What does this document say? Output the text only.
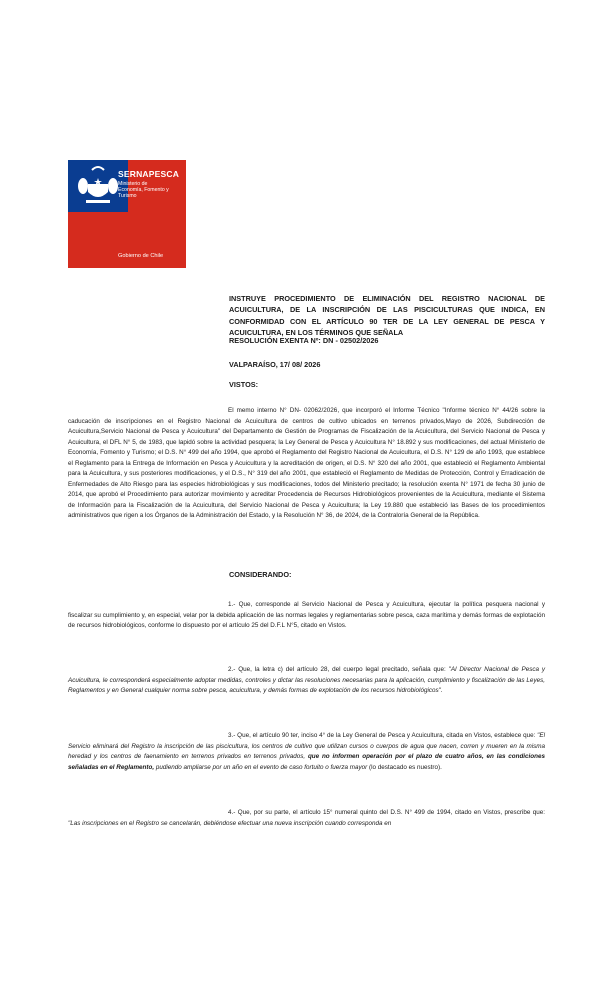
SERNAPESCA
Ministerio de
Economía, Fomento y
Turismo
Gobierno de Chile

INSTRUYE PROCEDIMIENTO DE ELIMINACIÓN DEL REGISTRO NACIONAL DE ACUICULTURA, DE LA INSCRIPCIÓN DE LAS PISCICULTURAS QUE INDICA, EN CONFORMIDAD CON EL ARTÍCULO 90 TER DE LA LEY GENERAL DE PESCA Y ACUICULTURA, EN LOS TÉRMINOS QUE SEÑALA

RESOLUCIÓN EXENTA Nº: DN - 02502/2026

VALPARAÍSO, 17/ 08/ 2026

VISTOS:

El memo interno N° DN- 02062/2026, que incorporó el Informe Técnico "Informe técnico N° 44/26 sobre la caducación de inscripciones en el Registro Nacional de Acuicultura de centros de cultivo ubicados en terrenos privados,Mayo de 2026, Subdirección de Acuicultura,Servicio Nacional de Pesca y Acuicultura" del Departamento de Gestión de Programas de Fiscalización de la Acuicultura, del Servicio Nacional de Pesca y Acuicultura, el DFL N° 5, de 1983, que lapidó sobre la actividad pesquera; la Ley General de Pesca y Acuicultura N° 18.892 y sus modificaciones, del actual Ministerio de Economía, Fomento y Turismo; el D.S. N° 499 del año 1994, que aprobó el Reglamento del Registro Nacional de Acuicultura, el D.S. N° 129 de año 1993, que establece el Reglamento para la Entrega de Información en Pesca y Acuicultura y la acreditación de origen, el D.S. N° 320 del año 2001, que estableció el Reglamento Ambiental para la Acuicultura, y sus posteriores modificaciones, y el D.S., N° 319 del año 2001, que estableció el Reglamento de Medidas de Protección, Control y Erradicación de Enfermedades de Alto Riesgo para las especies hidrobiológicas y sus modificaciones, todos del Ministerio precitado; la resolución exenta N° 1971 de fecha 30 junio de 2014, que aprobó el Procedimiento para autorizar movimiento y acreditar Procedencia de Recursos Hidrobiológicos provenientes de la Acuicultura, mediante el Sistema de Información para la Fiscalización de la Acuicultura, del Servicio Nacional de Pesca y Acuicultura; la Ley 19.880 que estableció las Bases de los procedimientos administrativos que rigen a los Órganos de la Administración del Estado, y la Resolución N° 36, de 2024, de la Contraloría General de la República.

CONSIDERANDO:

1.- Que, corresponde al Servicio Nacional de Pesca y Acuicultura, ejecutar la política pesquera nacional y fiscalizar su cumplimiento y, en especial, velar por la debida aplicación de las normas legales y reglamentarias sobre pesca, caza marítima y demás formas de explotación de recursos hidrobiológicos, conforme lo dispuesto por el artículo 25 del D.F.L N°5, citado en Vistos.

2.- Que, la letra c) del artículo 28, del cuerpo legal precitado, señala que: "Al Director Nacional de Pesca y Acuicultura, le corresponderá especialmente adoptar medidas, controles y dictar las resoluciones necesarias para la aplicación, cumplimiento y fiscalización de las Leyes, Reglamentos y en General cualquier norma sobre pesca, acuicultura, y demás formas de explotación de los recursos hidrobiológicos".

3.- Que, el artículo 90 ter, inciso 4° de la Ley General de Pesca y Acuicultura, citada en Vistos, establece que: "El Servicio eliminará del Registro la inscripción de las piscicultura, los centros de cultivo que utilizan cursos o cuerpos de agua que nacen, corren y mueren en la misma heredad y los centros de faenamiento en terrenos privados en terrenos privados, que no informen operación por el plazo de cuatro años, en las condiciones señaladas en el Reglamento, pudiendo ampliarse por un año en el evento de caso fortuito o fuerza mayor (lo destacado es nuestro).

4.- Que, por su parte, el artículo 15° numeral quinto del D.S. N° 499 de 1994, citado en Vistos, prescribe que: "Las inscripciones en el Registro se cancelarán, debiéndose efectuar una nueva inscripción cuando corresponda en
